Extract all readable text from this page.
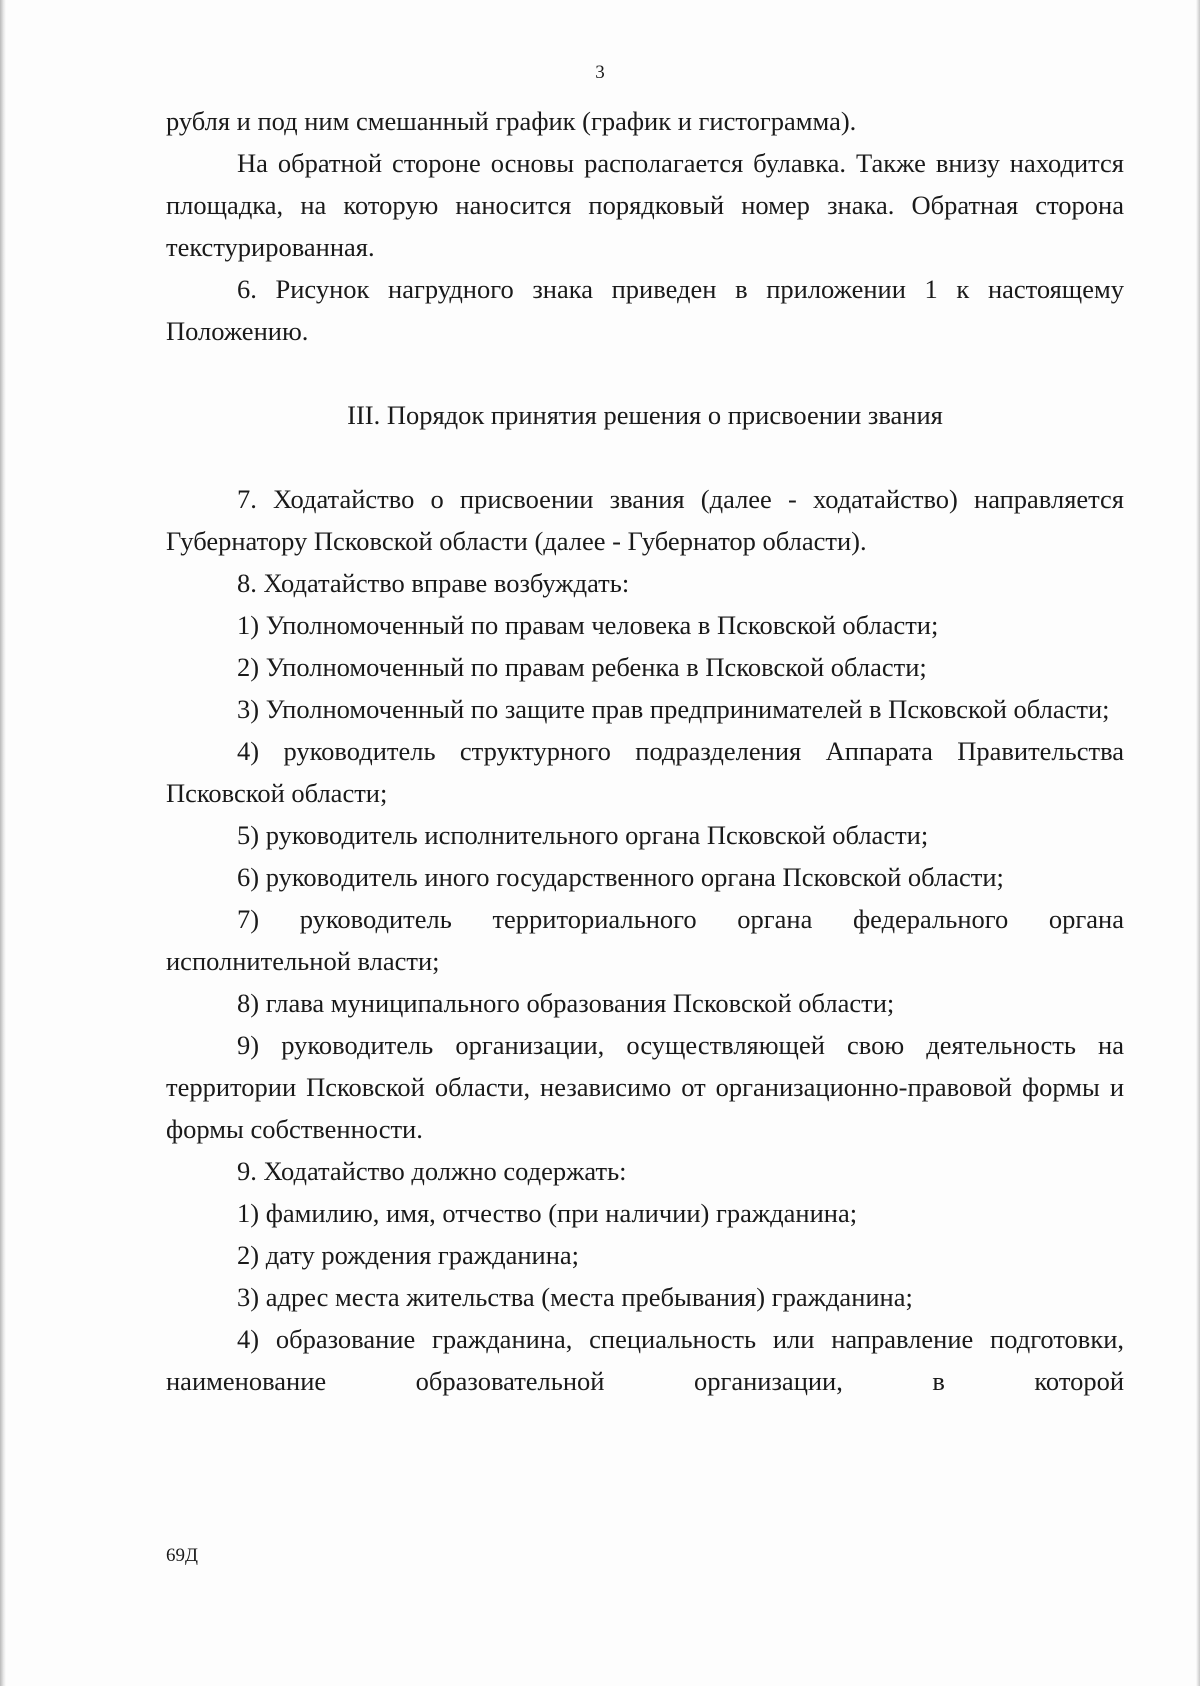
3

рубля и под ним смешанный график (график и гистограмма).

На обратной стороне основы располагается булавка. Также внизу находится площадка, на которую наносится порядковый номер знака. Обратная сторона текстурированная.

6. Рисунок нагрудного знака приведен в приложении 1 к настоящему Положению.

III. Порядок принятия решения о присвоении звания

7. Ходатайство о присвоении звания (далее - ходатайство) направляется Губернатору Псковской области (далее - Губернатор области).

8. Ходатайство вправе возбуждать:

1) Уполномоченный по правам человека в Псковской области;

2) Уполномоченный по правам ребенка в Псковской области;

3) Уполномоченный по защите прав предпринимателей в Псковской области;

4) руководитель структурного подразделения Аппарата Правительства Псковской области;

5) руководитель исполнительного органа Псковской области;

6) руководитель иного государственного органа Псковской области;

7) руководитель территориального органа федерального органа исполнительной власти;

8) глава муниципального образования Псковской области;

9) руководитель организации, осуществляющей свою деятельность на территории Псковской области, независимо от организационно-правовой формы и формы собственности.

9. Ходатайство должно содержать:

1) фамилию, имя, отчество (при наличии) гражданина;

2) дату рождения гражданина;

3) адрес места жительства (места пребывания) гражданина;

4) образование гражданина, специальность или направление подготовки, наименование образовательной организации, в которой

69Д
